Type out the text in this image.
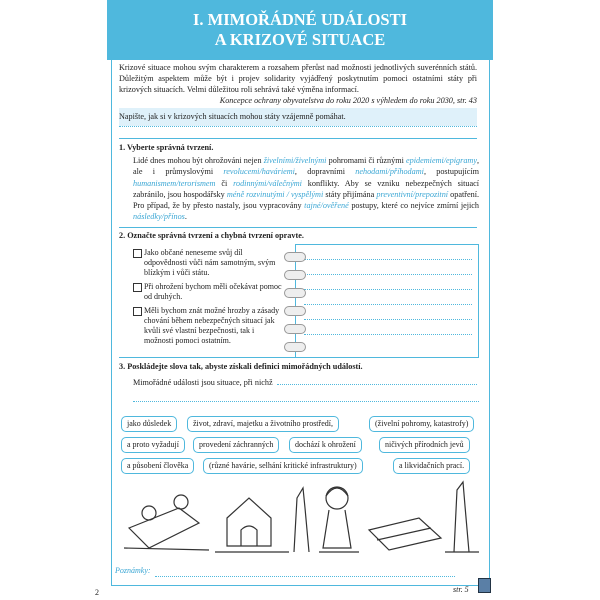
I. MIMOŘÁDNÉ UDÁLOSTI
A KRIZOVÉ SITUACE
Krizové situace mohou svým charakterem a rozsahem přerůst nad možnosti jednotlivých suverénních států. Důležitým aspektem může být i projev solidarity vyjádřený poskytnutím pomoci ostatními státy při krizových situacích. Velmi důležitou roli sehrává také výměna informací.
Koncepce ochrany obyvatelstva do roku 2020 s výhledem do roku 2030, str. 43
Napište, jak si v krizových situacích mohou státy vzájemně pomáhat.
1. Vyberte správná tvrzení.
Lidé dnes mohou být ohrožováni nejen živelními/živelnými pohromami či různými epidemiemi/epigramy, ale i průmyslovými revolucemi/haváriemi, dopravními nehodami/příhodami, postupujícím humanismem/terorismem či rodinnými/válečnými konflikty. Aby se vzniku nebezpečných situací zabránilo, jsou hospodářsky méně rozvinutými / vyspělými státy přijímána preventivní/prepozitní opatření. Pro případ, že by přesto nastaly, jsou vypracovány tajné/ověřené postupy, které co nejvíce zmírní jejich následky/přínos.
2. Označte správná tvrzení a chybná tvrzení opravte.
Jako občané neneseme svůj díl odpovědnosti vůči nám samotným, svým blízkým i vůči státu.
Při ohrožení bychom měli očekávat pomoc od druhých.
Měli bychom znát možné hrozby a zásady chování během nebezpečných situací jak kvůli své vlastní bezpečnosti, tak i možnosti pomoci ostatním.
3. Poskládejte slova tak, abyste získali definici mimořádných událostí.
Mimořádné události jsou situace, při nichž
jako důsledek	život, zdraví, majetku a životního prostředí,	(živelní pohromy, katastrofy)
a proto vyžadují	provedení záchranných	dochází k ohrožení	ničivých přírodních jevů
a působení člověka	(různé havárie, selhání kritické infrastruktury)	a likvidačních prací.
Poznámky:
2	str. 5
